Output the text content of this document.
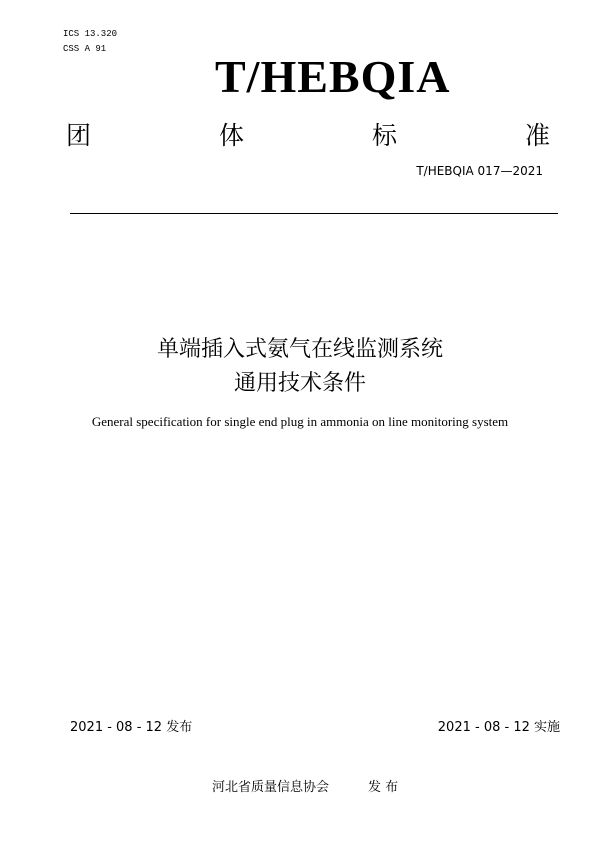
ICS 13.320
CSS A 91
T/HEBQIA
团	体	标	准
T/HEBQIA 017—2021
单端插入式氨气在线监测系统
通用技术条件
General specification for single end plug in ammonia on line monitoring system
2021 - 08 - 12 发布	2021 - 08 - 12 实施
河北省质量信息协会	发 布
